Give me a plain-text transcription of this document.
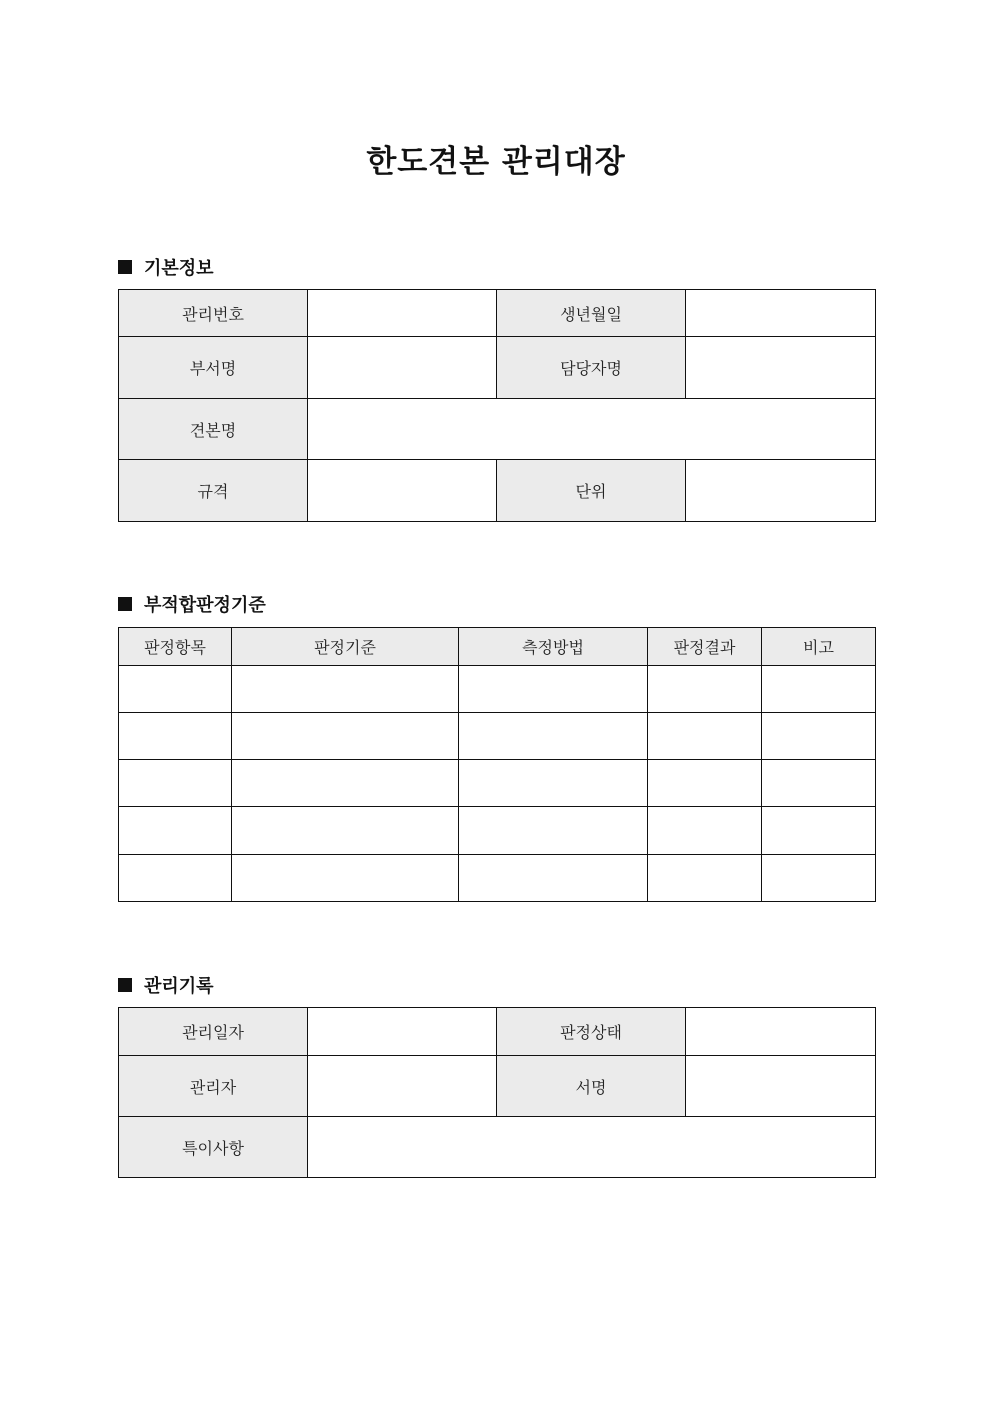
한도견본 관리대장
기본정보
관리번호		생년월일	
부서명		담당자명	
견본명			
규격		단위	
부적합판정기준
판정항목	판정기준	측정방법	판정결과	비고

관리기록
관리일자		판정상태	
관리자		서명	
특이사항			
